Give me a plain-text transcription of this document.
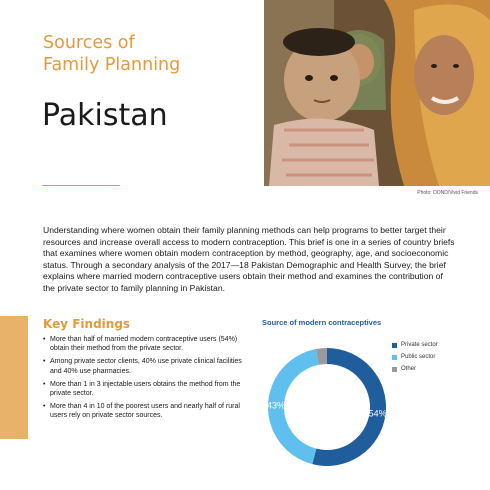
Sources of
Family Planning
Pakistan
Photo: DOND/Vivid Friends

Understanding where women obtain their family planning methods can help programs to better target their resources and increase overall access to modern contraception. This brief is one in a series of country briefs that examines where women obtain modern contraception by method, geography, age, and socioeconomic status. Through a secondary analysis of the 2017—18 Pakistan Demographic and Health Survey, the brief explains where married modern contraceptive users obtain their method and examines the contribution of the private sector to family planning in Pakistan.

Key Findings
• More than half of married modern contraceptive users (54%) obtain their method from the private sector.
• Among private sector clients, 40% use private clinical facilities and 40% use pharmacies.
• More than 1 in 3 injectable users obtains the method from the private sector.
• More than 4 in 10 of the poorest users and nearly half of rural users rely on private sector sources.
Source of modern contraceptives
54%
43%
Private sector
Public sector
Other
